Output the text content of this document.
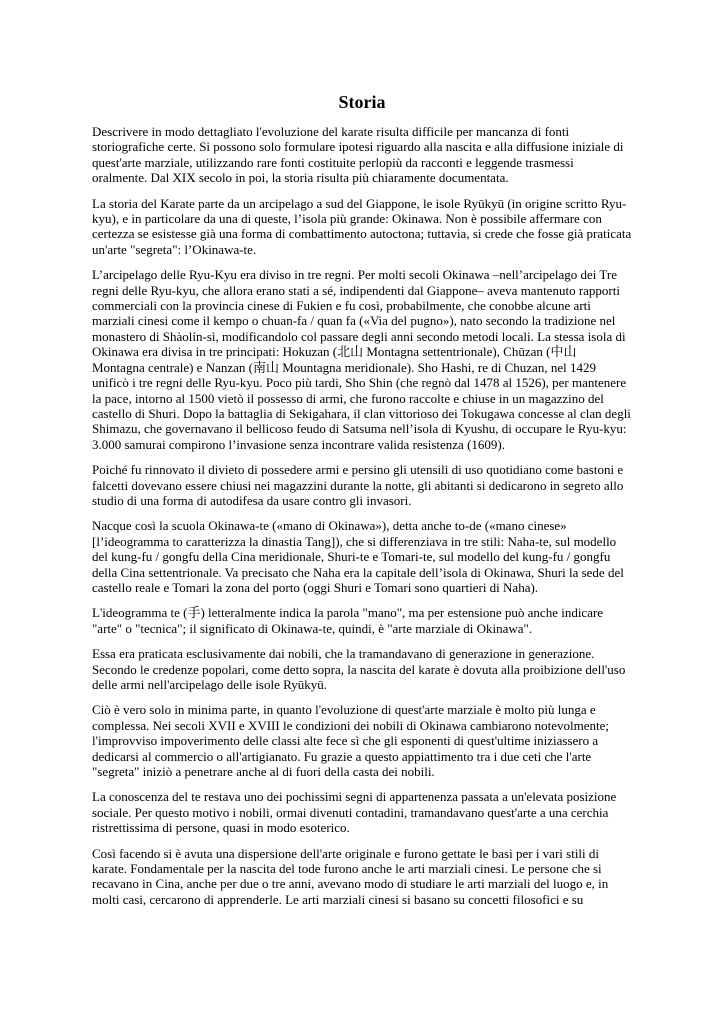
Storia

Descrivere in modo dettagliato l'evoluzione del karate risulta difficile per mancanza di fonti storiografiche certe. Si possono solo formulare ipotesi riguardo alla nascita e alla diffusione iniziale di quest'arte marziale, utilizzando rare fonti costituite perlopiù da racconti e leggende trasmessi oralmente. Dal XIX secolo in poi, la storia risulta più chiaramente documentata.

La storia del Karate parte da un arcipelago a sud del Giappone, le isole Ryūkyū (in origine scritto Ryu-kyu), e in particolare da una di queste, l’isola più grande: Okinawa. Non è possibile affermare con certezza se esistesse già una forma di combattimento autoctona; tuttavia, si crede che fosse già praticata un'arte "segreta": l’Okinawa-te.

L’arcipelago delle Ryu-Kyu era diviso in tre regni. Per molti secoli Okinawa –nell’arcipelago dei Tre regni delle Ryu-kyu, che allora erano stati a sé, indipendenti dal Giappone– aveva mantenuto rapporti commerciali con la provincia cinese di Fukien e fu così, probabilmente, che conobbe alcune arti marziali cinesi come il kempo o chuan-fa / quan fa («Via del pugno»), nato secondo la tradizione nel monastero di Shàolín-sì, modificandolo col passare degli anni secondo metodi locali. La stessa isola di Okinawa era divisa in tre principati: Hokuzan (北山 Montagna settentrionale), Chūzan (中山 Montagna centrale) e Nanzan (南山 Mountagna meridionale). Sho Hashi, re di Chuzan, nel 1429 unificò i tre regni delle Ryu-kyu. Poco più tardi, Sho Shin (che regnò dal 1478 al 1526), per mantenere la pace, intorno al 1500 vietò il possesso di armi, che furono raccolte e chiuse in un magazzino del castello di Shuri. Dopo la battaglia di Sekigahara, il clan vittorioso dei Tokugawa concesse al clan degli Shimazu, che governavano il bellicoso feudo di Satsuma nell’isola di Kyushu, di occupare le Ryu-kyu: 3.000 samurai compirono l’invasione senza incontrare valida resistenza (1609).

Poiché fu rinnovato il divieto di possedere armi e persino gli utensili di uso quotidiano come bastoni e falcetti dovevano essere chiusi nei magazzini durante la notte, gli abitanti si dedicarono in segreto allo studio di una forma di autodifesa da usare contro gli invasori.

Nacque così la scuola Okinawa-te («mano di Okinawa»), detta anche to-de («mano cinese» [l’ideogramma to caratterizza la dinastia Tang]), che si differenziava in tre stili: Naha-te, sul modello del kung-fu / gongfu della Cina meridionale, Shuri-te e Tomari-te, sul modello del kung-fu / gongfu della Cina settentrionale. Va precisato che Naha era la capitale dell’isola di Okinawa, Shuri la sede del castello reale e Tomari la zona del porto (oggi Shuri e Tomari sono quartieri di Naha).

L'ideogramma te (手) letteralmente indica la parola "mano", ma per estensione può anche indicare "arte" o "tecnica"; il significato di Okinawa-te, quindi, è "arte marziale di Okinawa".

Essa era praticata esclusivamente dai nobili, che la tramandavano di generazione in generazione. Secondo le credenze popolari, come detto sopra, la nascita del karate è dovuta alla proibizione dell'uso delle armi nell'arcipelago delle isole Ryūkyū.

Ciò è vero solo in minima parte, in quanto l'evoluzione di quest'arte marziale è molto più lunga e complessa. Nei secoli XVII e XVIII le condizioni dei nobili di Okinawa cambiarono notevolmente; l'improvviso impoverimento delle classi alte fece sì che gli esponenti di quest'ultime iniziassero a dedicarsi al commercio o all'artigianato. Fu grazie a questo appiattimento tra i due ceti che l'arte "segreta" iniziò a penetrare anche al di fuori della casta dei nobili.

La conoscenza del te restava uno dei pochissimi segni di appartenenza passata a un'elevata posizione sociale. Per questo motivo i nobili, ormai divenuti contadini, tramandavano quest'arte a una cerchia ristrettissima di persone, quasi in modo esoterico.

Così facendo si è avuta una dispersione dell'arte originale e furono gettate le basi per i vari stili di karate. Fondamentale per la nascita del tode furono anche le arti marziali cinesi. Le persone che si recavano in Cina, anche per due o tre anni, avevano modo di studiare le arti marziali del luogo e, in molti casi, cercarono di apprenderle. Le arti marziali cinesi si basano su concetti filosofici e su
